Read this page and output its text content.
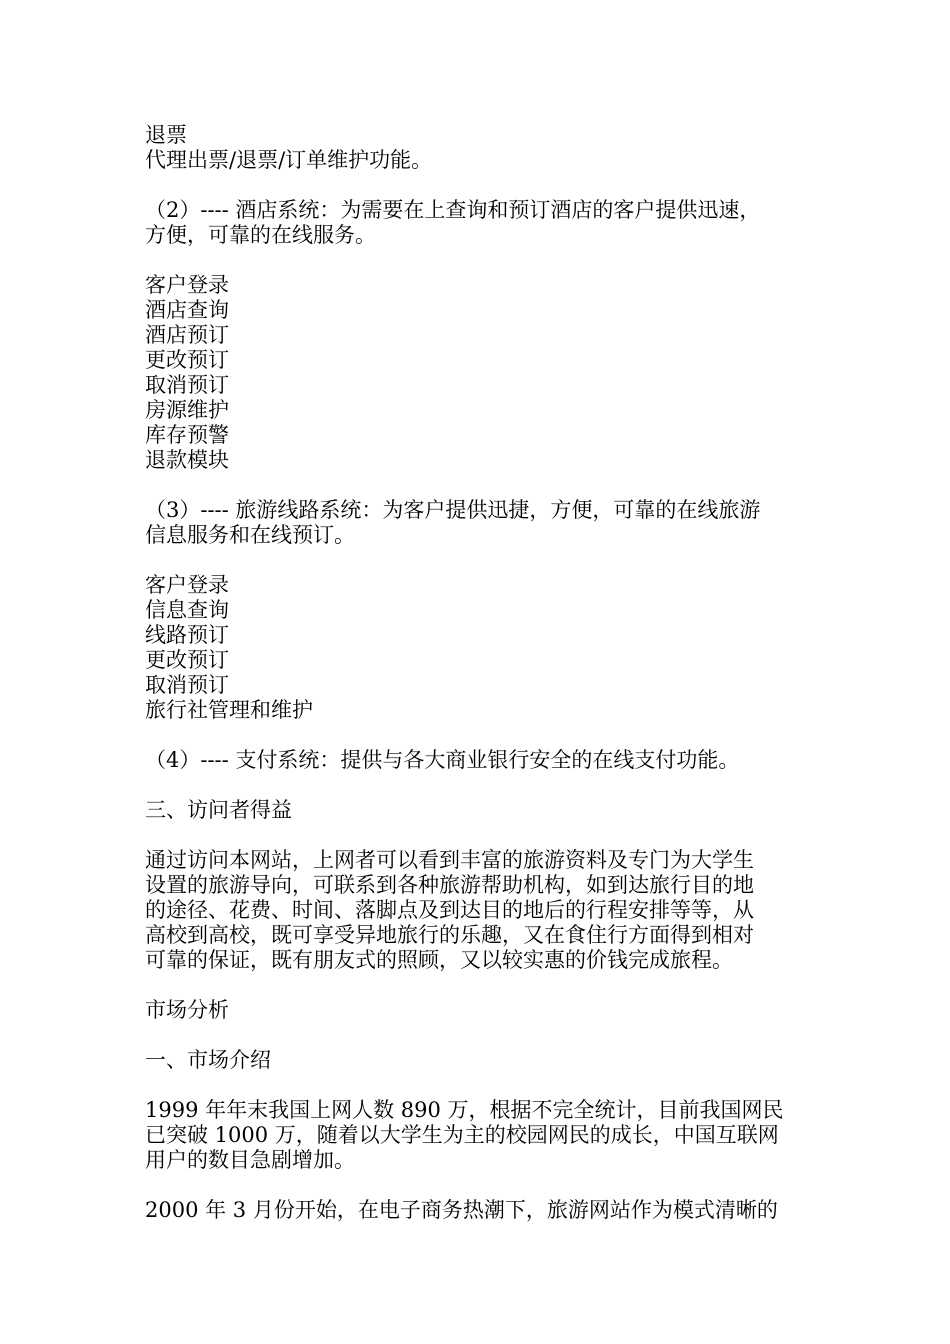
退票
代理出票/退票/订单维护功能。
（2）---- 酒店系统：为需要在上查询和预订酒店的客户提供迅速，
方便，可靠的在线服务。
客户登录
酒店查询
酒店预订
更改预订
取消预订
房源维护
库存预警
退款模块
（3）---- 旅游线路系统：为客户提供迅捷，方便，可靠的在线旅游
信息服务和在线预订。
客户登录
信息查询
线路预订
更改预订
取消预订
旅行社管理和维护
（4）---- 支付系统：提供与各大商业银行安全的在线支付功能。
三、访问者得益
通过访问本网站，上网者可以看到丰富的旅游资料及专门为大学生
设置的旅游导向，可联系到各种旅游帮助机构，如到达旅行目的地
的途径、花费、时间、落脚点及到达目的地后的行程安排等等，从
高校到高校，既可享受异地旅行的乐趣，又在食住行方面得到相对
可靠的保证，既有朋友式的照顾，又以较实惠的价钱完成旅程。
市场分析
一、市场介绍
1999 年年末我国上网人数 890 万，根据不完全统计，目前我国网民
已突破 1000 万，随着以大学生为主的校园网民的成长，中国互联网
用户的数目急剧增加。
2000 年 3 月份开始，在电子商务热潮下，旅游网站作为模式清晰的
